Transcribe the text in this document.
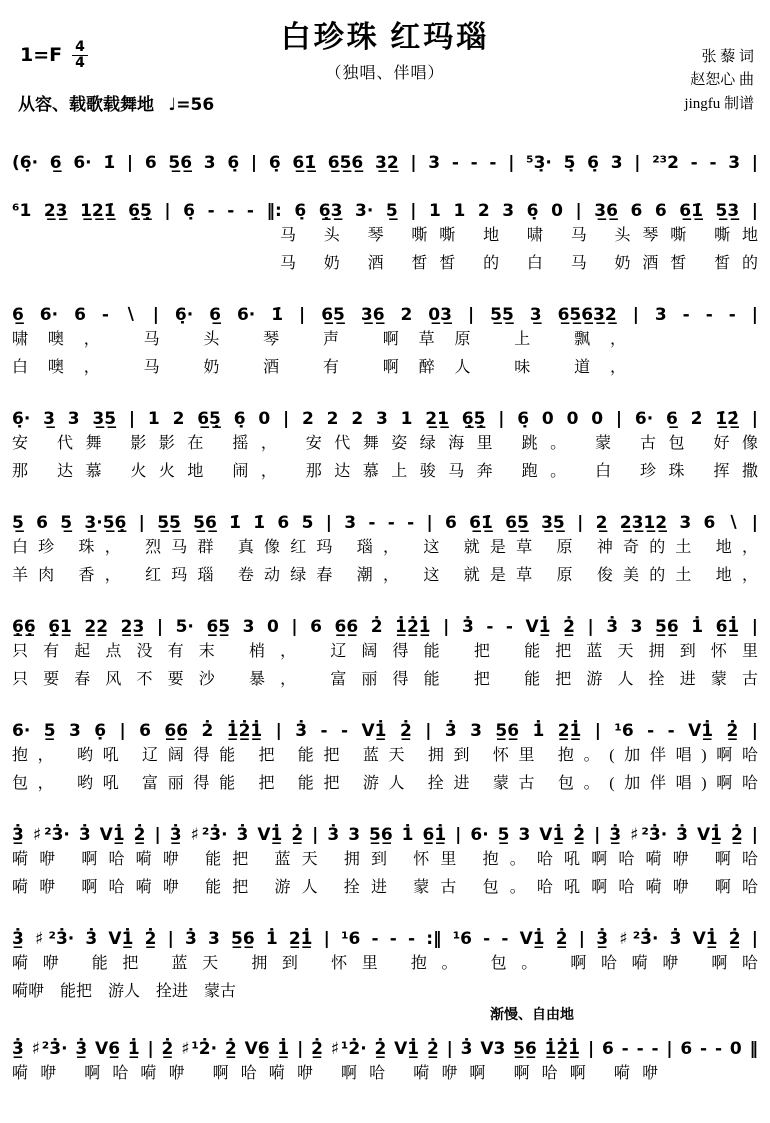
$1=F \frac{4}{4}$
白珍珠 红玛瑙
（独唱、伴唱）
从容、载歌载舞地 ♩=56
张 藜 词
赵恕心 曲
jingfu 制谱
(6̣· 6̲ 6· 1̇ | 6 5̲6̲ 3 6̣ | 6̣ 6̲1̲̇ 6̲5̲6̲ 3̲2̲ | 3 - - - | ⁵3̣· 5̣ 6̣ 3 | ²³2 - - 3 |
⁶1 2̲3̲ 1̲2̲1̲̇ 6̣̲5̣̲ | 6̣ - - - ‖: 6̣ 6̣̲3̲ 3· 5̲ | 1 1 2 3 6̣ 0 | 3̲6̲ 6 6 6̲1̲̇ 5̲3̲ |
马 头 琴 嘶嘶 地 啸 马 头琴嘶 嘶地
马 奶 酒 皙皙 的 白 马 奶酒皙 皙的
6̲ 6· 6 - ∖ | 6̣· 6̲ 6· 1̇ | 6̲5̲ 3̲6̲ 2 0̲3̲ | 5̲5̲ 3̲ 6̲5̲6̲3̲2̲ | 3 - - - |
啸噢， 马 头 琴 声 啊草原 上 飘，
白噢， 马 奶 酒 有 啊醉人 味 道，
6̣· 3̲ 3 3̲5̲ | 1 2 6̲5̣̲ 6̣ 0 | 2 2 2 3 1 2̲1̲ 6̣̲5̣̲ | 6̣ 0 0 0 | 6· 6̲ 2̇ 1̲̇2̲̇ |
安 代舞 影影在 摇， 安代舞姿绿海里 跳。 蒙 古包 好像
那 达慕 火火地 闹， 那达慕上骏马奔 跑。 白 珍珠 挥撒
5̲ 6 5̲ 3̲·5̲6̣̲ | 5̲5̲ 5̲6̲ 1̇ 1̇ 6 5 | 3 - - - | 6 6̲1̲̇ 6̲5̲ 3̲5̲ | 2̲ 2̲3̲1̲2̲ 3 6 ∖ |
白珍 珠， 烈马群 真像红玛 瑙， 这 就是草 原 神奇的土 地，
羊肉 香， 红玛瑙 卷动绿春 潮， 这 就是草 原 俊美的土 地，
6̣̲6̣̲ 6̣̲1̲ 2̲2̲ 2̲3̲ | 5· 6̲5̲ 3 0 | 6 6̲6̲ 2̇ 1̲̇2̲̇1̲̇ | 3̇ - - V1̲̇ 2̲̇ | 3̇ 3 5̲6̲ 1̇ 6̲1̲̇ |
只有起点没有末 梢， 辽阔得能 把 能把蓝天拥到怀里
只要春风不要沙 暴， 富丽得能 把 能把游人拴进蒙古
6· 5̲ 3 6̣ | 6 6̲6̲ 2̇ 1̲̇2̲̇1̲̇ | 3̇ - - V1̲̇ 2̲̇ | 3̇ 3 5̲6̲ 1̇ 2̲1̲̇ | ¹6 - - V1̲̇ 2̲̇ |
抱， 哟吼 辽阔得能 把 能把 蓝天 拥到 怀里 抱。(加伴唱)啊哈
包， 哟吼 富丽得能 把 能把 游人 拴进 蒙古 包。(加伴唱)啊哈
3̲̇ ♯²3̇· 3̇ V1̲̇ 2̲̇ | 3̲̇ ♯²3̇· 3̇ V1̲̇ 2̲̇ | 3̇ 3 5̲6̲ 1̇ 6̲1̲̇ | 6· 5̲ 3 V1̲̇ 2̲̇ | 3̲̇ ♯²3̇· 3̇ V1̲̇ 2̲̇ |
嗬咿 啊哈嗬咿 能把 蓝天 拥到 怀里 抱。哈吼啊哈嗬咿 啊哈
嗬咿 啊哈嗬咿 能把 游人 拴进 蒙古 包。哈吼啊哈嗬咿 啊哈
3̲̇ ♯²3̇· 3̇ V1̲̇ 2̲̇ | 3̇ 3 5̲6̲ 1̇ 2̲1̲̇ | ¹6 - - - :‖ ¹6 - - V1̲̇ 2̲̇ | 3̲̇ ♯²3̇· 3̇ V1̲̇ 2̲̇ |
嗬咿 能把 蓝天 拥到 怀里 抱。 包。 啊哈嗬咿 啊哈
嗬咿　能把　游人　拴进　蒙古
渐慢、自由地
3̲̇ ♯²3̇· 3̲̇ V6̲ 1̲̇ | 2̲̇ ♯¹2̇· 2̲̇ V6̲ 1̲̇ | 2̲̇ ♯¹2̇· 2̲̇ V1̲̇ 2̲̇ | 3̇ V3 5̲6̲ 1̲̇2̲̇1̲̇ | 6 - - - | 6 - - 0 ‖
嗬咿 啊哈嗬咿 啊哈嗬咿 啊哈 嗬咿啊 啊哈啊 嗬咿
